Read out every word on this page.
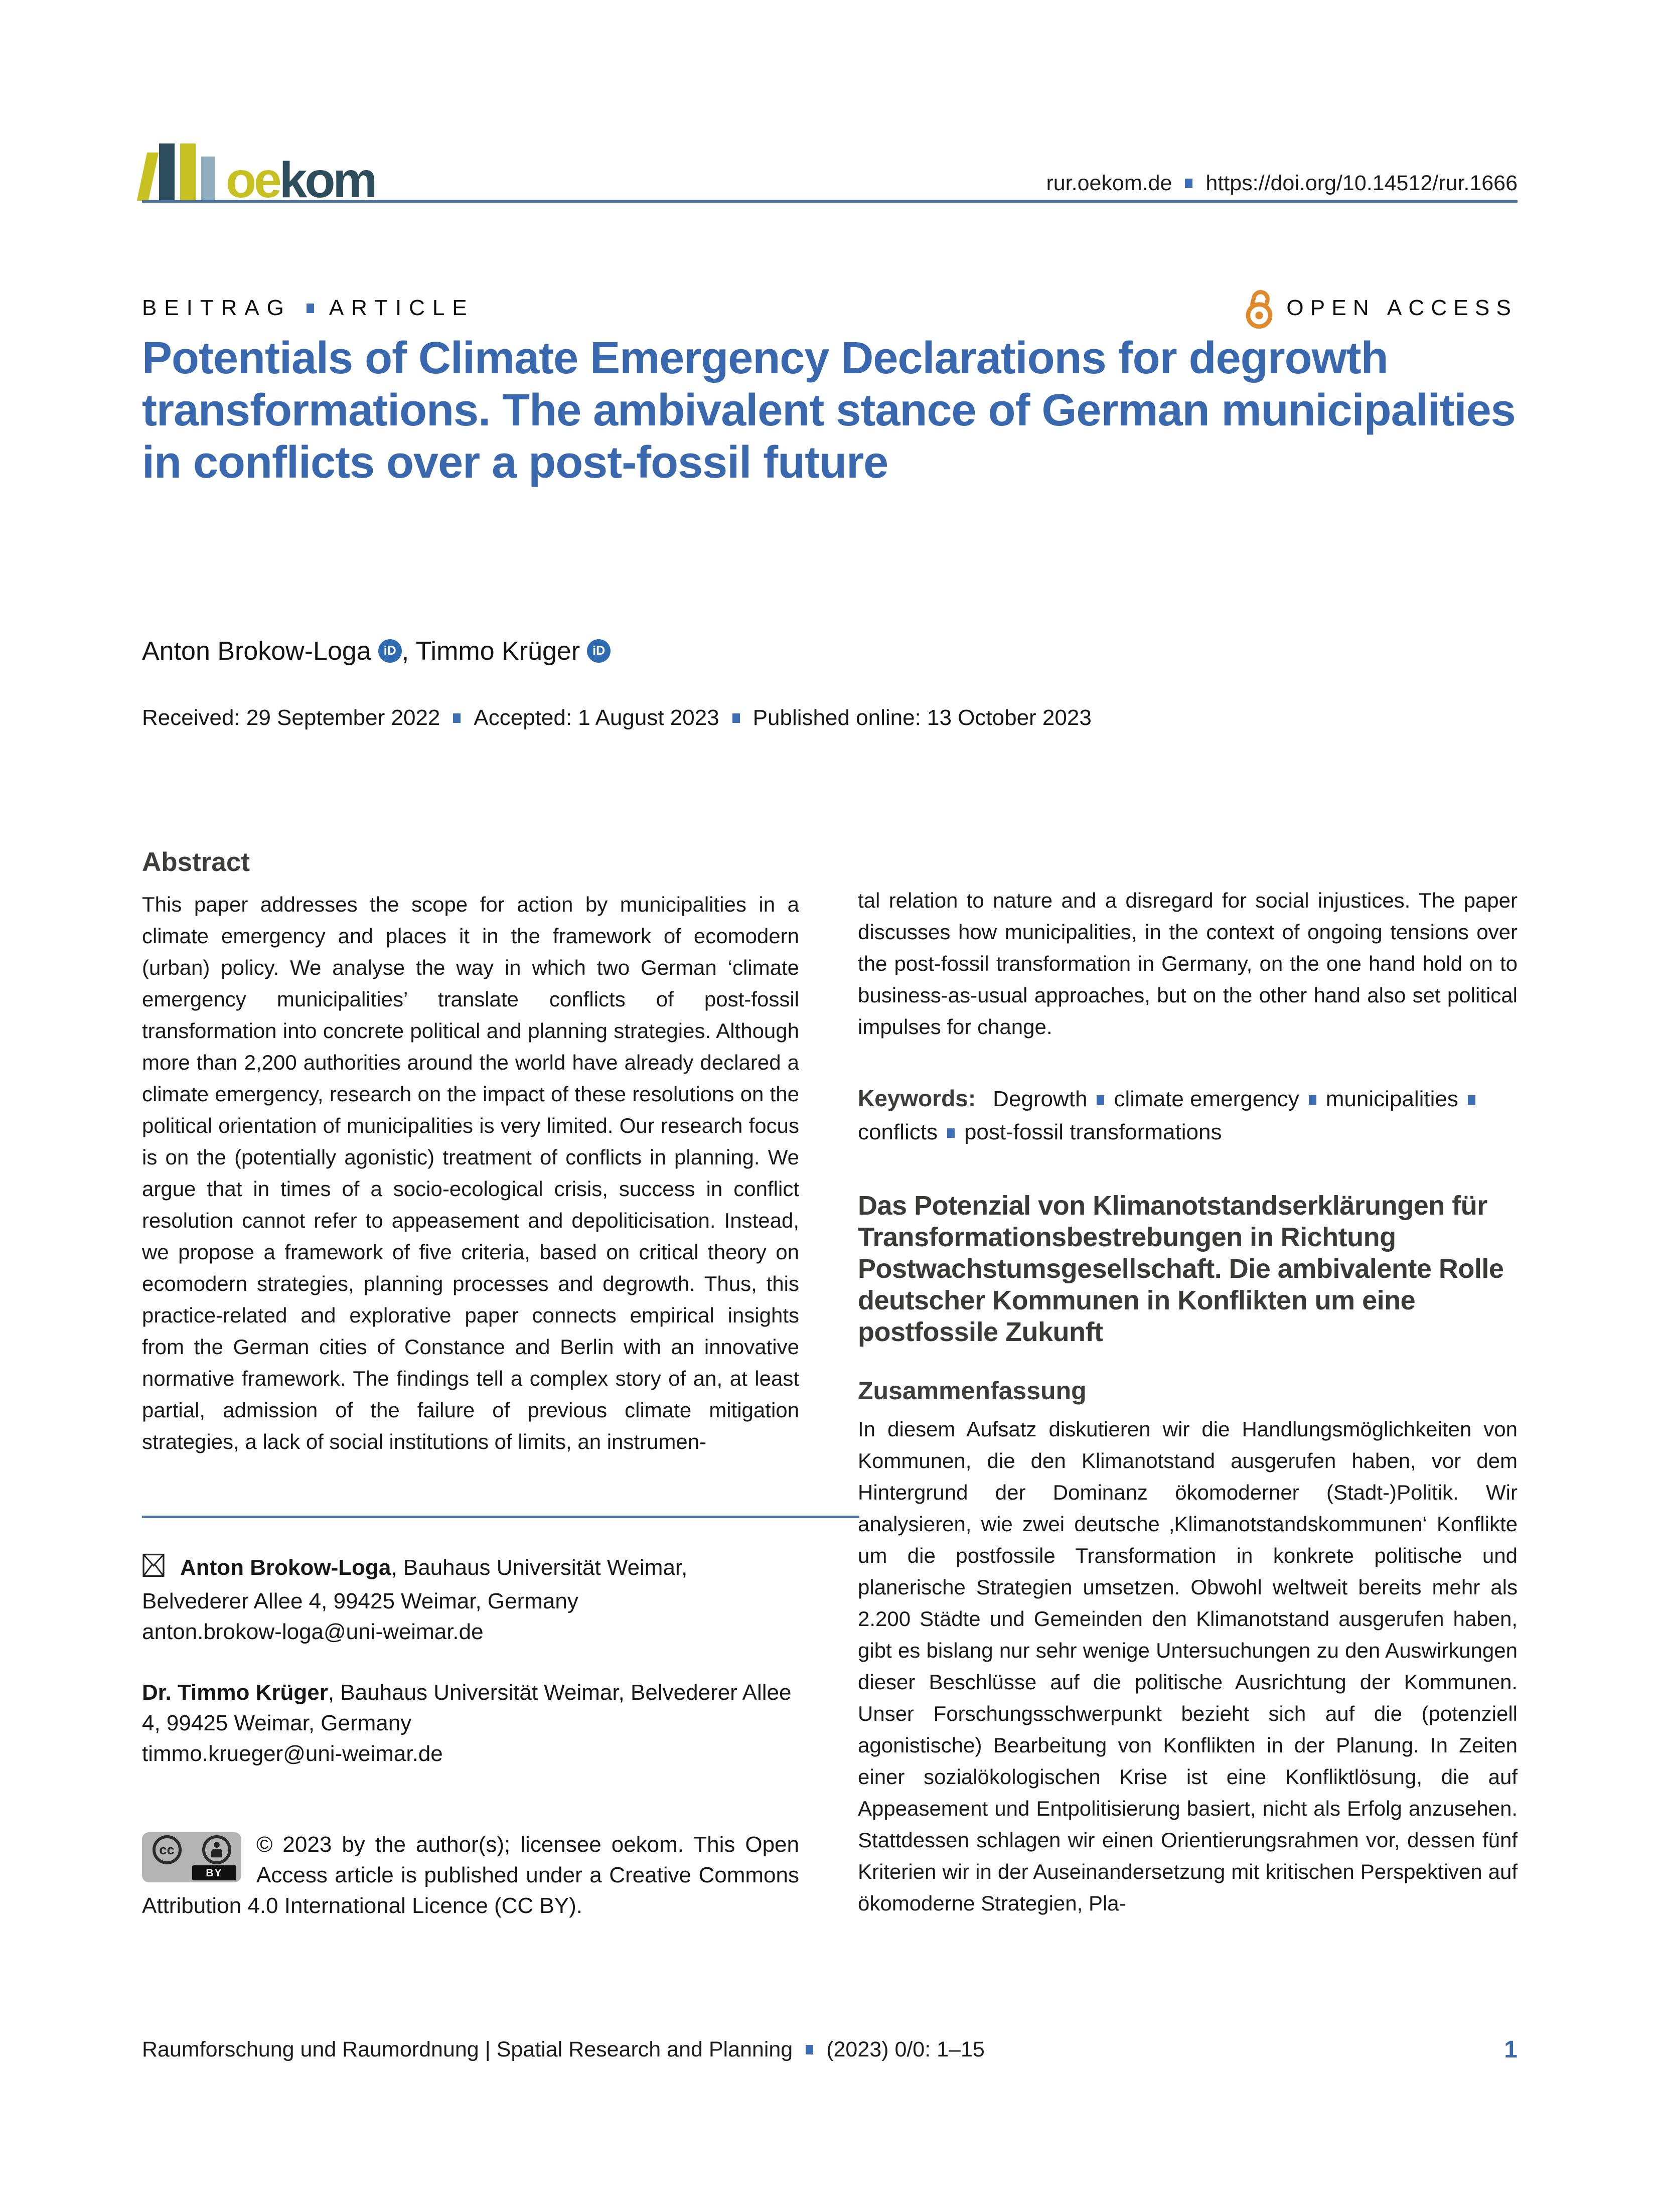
oekom	rur.oekom.de https://doi.org/10.14512/rur.1666
BEITRAG ARTICLE	OPEN ACCESS
Potentials of Climate Emergency Declarations for degrowth transformations. The ambivalent stance of German municipalities in conflicts over a post-fossil future
Anton Brokow-Loga iD , Timmo Krüger iD
Received: 29 September 2022 Accepted: 1 August 2023 Published online: 13 October 2023
Abstract

This paper addresses the scope for action by municipalities in a climate emergency and places it in the framework of ecomodern (urban) policy. We analyse the way in which two German ‘climate emergency municipalities’ translate conflicts of post-fossil transformation into concrete political and planning strategies. Although more than 2,200 authorities around the world have already declared a climate emergency, research on the impact of these resolutions on the political orientation of municipalities is very limited. Our research focus is on the (potentially agonistic) treatment of conflicts in planning. We argue that in times of a socio-ecological crisis, success in conflict resolution cannot refer to appeasement and depoliticisation. Instead, we propose a framework of five criteria, based on critical theory on ecomodern strategies, planning processes and degrowth. Thus, this practice-related and explorative paper connects empirical insights from the German cities of Constance and Berlin with an innovative normative framework. The findings tell a complex story of an, at least partial, admission of the failure of previous climate mitigation strategies, a lack of social institutions of limits, an instrumen-

Anton Brokow-Loga, Bauhaus Universität Weimar, Belvederer Allee 4, 99425 Weimar, Germany

anton.brokow-loga@uni-weimar.de

Dr. Timmo Krüger, Bauhaus Universität Weimar, Belvederer Allee 4, 99425 Weimar, Germany

timmo.krueger@uni-weimar.de
cc
BY
© 2023 by the author(s); licensee oekom. This Open Access article is published under a Creative Commons Attribution 4.0 International Licence (CC BY).

tal relation to nature and a disregard for social injustices. The paper discusses how municipalities, in the context of ongoing tensions over the post-fossil transformation in Germany, on the one hand hold on to business-as-usual approaches, but on the other hand also set political impulses for change.

Keywords: Degrowth climate emergency municipalitiesconflicts post-fossil transformations
Das Potenzial von Klimanotstandserklärungen für Transformationsbestrebungen in Richtung Postwachstumsgesellschaft. Die ambivalente Rolle deutscher Kommunen in Konflikten um eine postfossile Zukunft
Zusammenfassung

In diesem Aufsatz diskutieren wir die Handlungsmöglichkeiten von Kommunen, die den Klimanotstand ausgerufen haben, vor dem Hintergrund der Dominanz ökomoderner (Stadt-)Politik. Wir analysieren, wie zwei deutsche ‚Klimanotstandskommunen‘ Konflikte um die postfossile Transformation in konkrete politische und planerische Strategien umsetzen. Obwohl weltweit bereits mehr als 2.200 Städte und Gemeinden den Klimanotstand ausgerufen haben, gibt es bislang nur sehr wenige Untersuchungen zu den Auswirkungen dieser Beschlüsse auf die politische Ausrichtung der Kommunen. Unser Forschungsschwerpunkt bezieht sich auf die (potenziell agonistische) Bearbeitung von Konflikten in der Planung. In Zeiten einer sozialökologischen Krise ist eine Konfliktlösung, die auf Appeasement und Entpolitisierung basiert, nicht als Erfolg anzusehen. Stattdessen schlagen wir einen Orientierungsrahmen vor, dessen fünf Kriterien wir in der Auseinandersetzung mit kritischen Perspektiven auf ökomoderne Strategien, Pla-

Raumforschung und Raumordnung | Spatial Research and Planning (2023) 0/0: 1–15	1
